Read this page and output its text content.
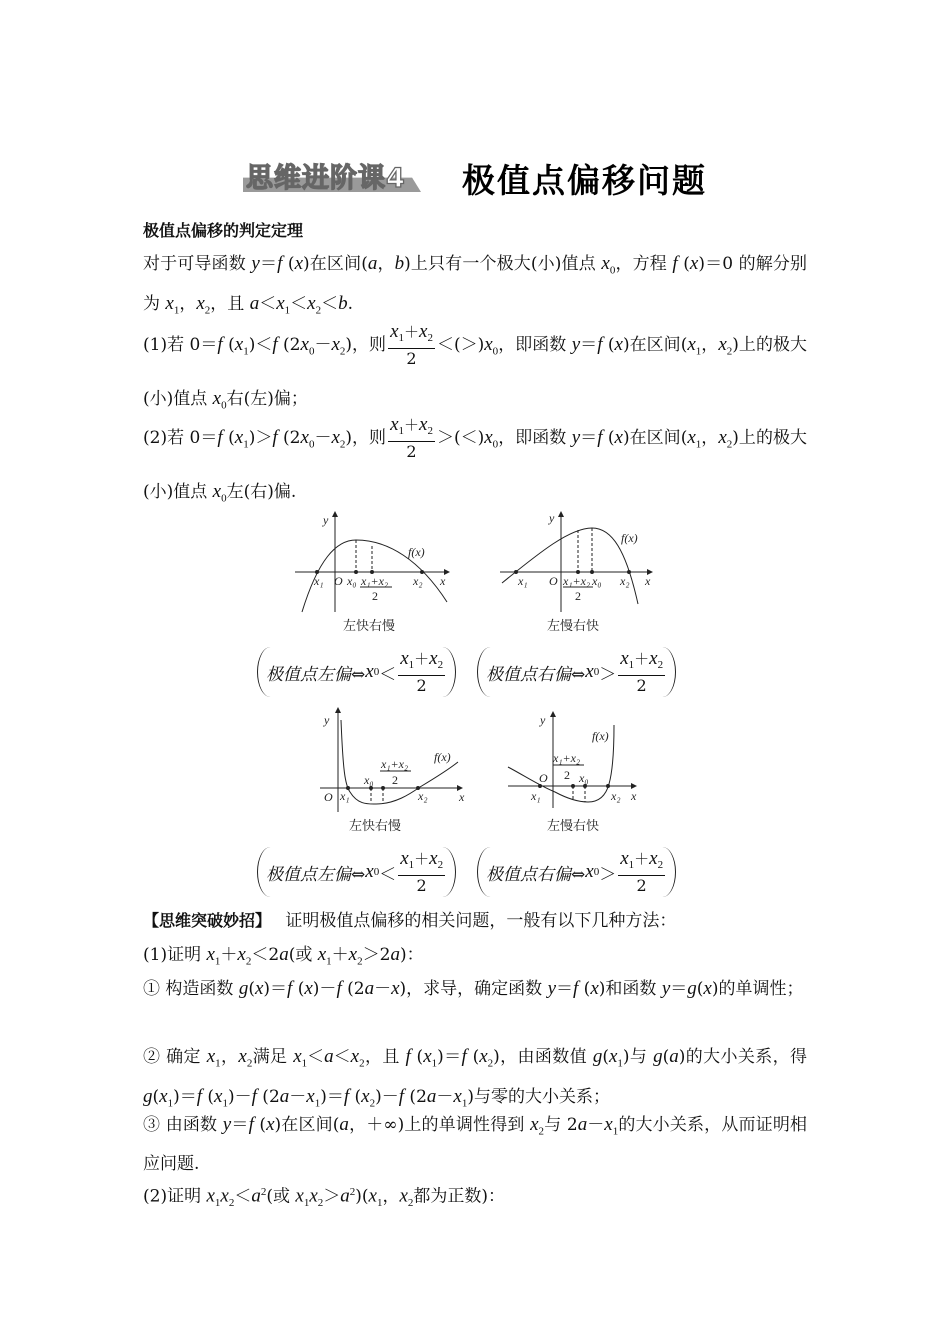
思维进阶课4 极值点偏移问题
极值点偏移的判定定理
对于可导函数 y＝f (x)在区间(a，b)上只有一个极大(小)值点 $x_0$，方程 f (x)＝0 的解分别为 $x_1$，$x_2$，且 $a<x_1<x_2<b$.
(1)若 0＝f $(x_1)<f$ $(2x_0-x_2)$，则 $\frac{x_1+x_2}{2} <(>)x_0$，即函数 y＝f (x)在区间($x_1$，$x_2$)上的极大(小)值点 $x_0$右(左)偏；
(2)若 0＝f $(x_1)>f$ $(2x_0-x_2)$，则 $\frac{x_1+x_2}{2} >(<)x_0$，即函数 y＝f (x)在区间($x_1$，$x_2$)上的极大(小)值点 $x_0$左(右)偏.
y
x₁ O x₀ x₁+x₂
2
x₂ x
f(x)
左快右慢
y
x₁ O x₁+x₂
2
x₀ x₂ x
f(x)
左慢右快
y
O x₁
x₀
x₁+x₂
2
x₂	x
f(x)
左快右慢
y
O
x₁
x₁+x₂
2 x₀
x₂ x
f(x)
左慢右快
极值点左偏⇔ x $0 < \frac{x_1+x_2}{2}$ 极值点右偏⇔ x $0 > \frac{x_1+x_2}{2}$
极值点左偏⇔ x $0 < \frac{x_1+x_2}{2}$ 极值点右偏⇔ x $0 > \frac{x_1+x_2}{2}$
【思维突破妙招】　 证明极值点偏移的相关问题，一般有以下几种方法：
(1)证明 $x_1+x_2<2a$(或 $x_1+x_2>2a$)：
① 构造函数 g(x)＝f (x)－f (2a－x)，求导，确定函数 y＝f (x)和函数 y＝g(x)的单调性；
② 确定 $x_1$，$x_2$满足 $x_1<a<x_2$，且 f $(x_1)=f$ $(x_2)$，由函数值 $g(x_1)$与 g(a)的大小关系，得 $g(x_1)=f$ $(x_1)-f$ $(2a-x_1)=f$ $(x_2)-f$ $(2a-x_1)$与零的大小关系；
③ 由函数 y＝f (x)在区间(a，＋∞)上的单调性得到 $x_2$与 $2a-x_1$的大小关系，从而证明相应问题.
(2)证明 $x_1x_2<a^2$(或 $x_1x_2>a^2)(x_1$，$x_2$都为正数)：
